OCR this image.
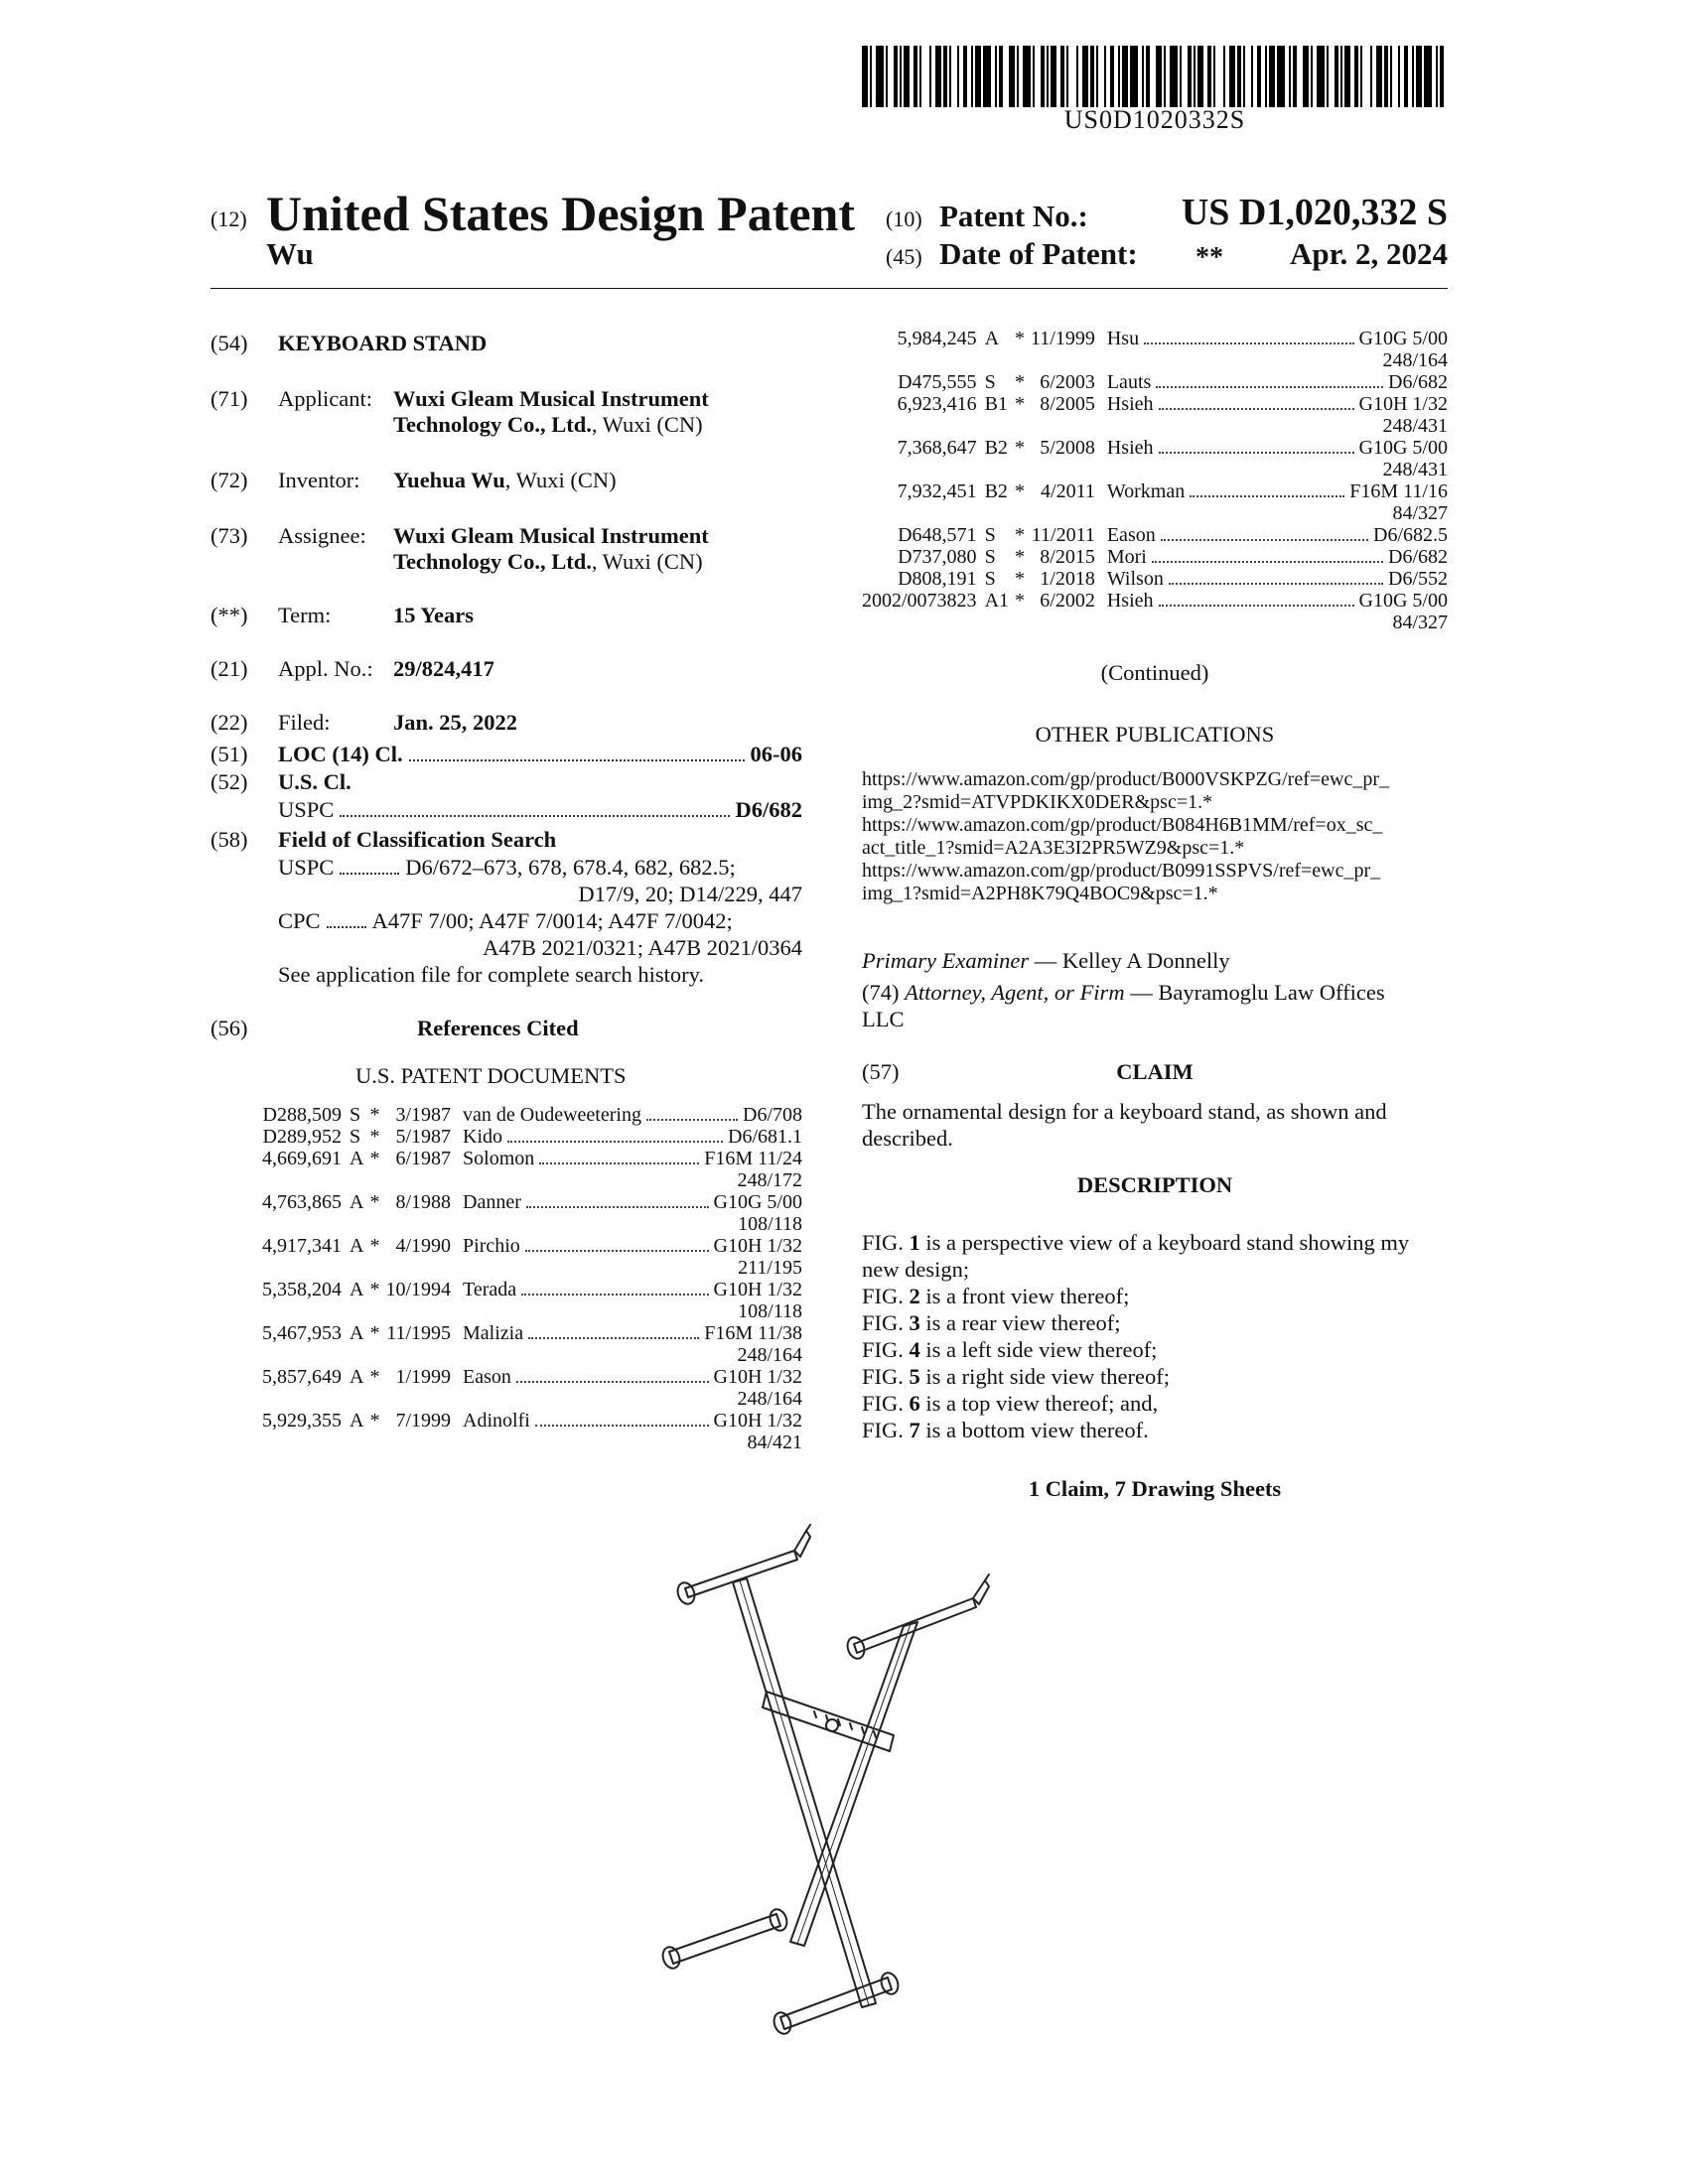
US0D1020332S
(12) United States Design Patent
Wu
(10) Patent No.:	US D1,020,332 S
(45) Date of Patent: **	Apr. 2, 2024
(54) KEYBOARD STAND
(71) Applicant: Wuxi Gleam Musical Instrument
Technology Co., Ltd., Wuxi (CN)
(72) Inventor: Yuehua Wu, Wuxi (CN)
(73) Assignee: Wuxi Gleam Musical Instrument
Technology Co., Ltd., Wuxi (CN)
(**) Term:	15 Years
(21) Appl. No.: 29/824,417
(22) Filed:	Jan. 25, 2022
(51) LOC (14) Cl.	06-06
(52) U.S. Cl.
USPC	D6/682
(58) Field of Classification Search
USPC	D6/672–673, 678, 678.4, 682, 682.5;
D17/9, 20; D14/229, 447
CPC A47F 7/00; A47F 7/0014; A47F 7/0042;
A47B 2021/0321; A47B 2021/0364
See application file for complete search history.
(56)	References Cited
U.S. PATENT DOCUMENTS
D288,509	S	*	3/1987	van de Oudeweetering D6/708

D289,952	S	*	5/1987	Kido D6/681.1

4,669,691	A	*	6/1987	Solomon F16M 11/24

248/172				
4,763,865	A	*	8/1988	Danner G10G 5/00

108/118				
4,917,341	A	*	4/1990	Pirchio G10H 1/32

211/195				
5,358,204	A	*	10/1994	Terada G10H 1/32

108/118				
5,467,953	A	*	11/1995	Malizia F16M 11/38

248/164				
5,857,649	A	*	1/1999	Eason G10H 1/32

248/164				
5,929,355	A	*	7/1999	Adinolfi G10H 1/32

84/421				
5,984,245	A	*	11/1999	Hsu G10G 5/00

248/164				
D475,555	S	*	6/2003	Lauts D6/682

6,923,416	B1	*	8/2005	Hsieh G10H 1/32

248/431				
7,368,647	B2	*	5/2008	Hsieh G10G 5/00

248/431				
7,932,451	B2	*	4/2011	Workman F16M 11/16

84/327				
D648,571	S	*	11/2011	Eason D6/682.5

D737,080	S	*	8/2015	Mori D6/682

D808,191	S	*	1/2018	Wilson D6/552

2002/0073823	A1	*	6/2002	Hsieh G10G 5/00

84/327				
(Continued)
OTHER PUBLICATIONS
https://www.amazon.com/gp/product/B000VSKPZG/ref=ewc_pr_
img_2?smid=ATVPDKIKX0DER&psc=1.*
https://www.amazon.com/gp/product/B084H6B1MM/ref=ox_sc_
act_title_1?smid=A2A3E3I2PR5WZ9&psc=1.*
https://www.amazon.com/gp/product/B0991SSPVS/ref=ewc_pr_
img_1?smid=A2PH8K79Q4BOC9&psc=1.*
Primary Examiner — Kelley A Donnelly
(74) Attorney, Agent, or Firm — Bayramoglu Law Offices
LLC
(57)	CLAIM
The ornamental design for a keyboard stand, as shown and
described.
DESCRIPTION
FIG. 1 is a perspective view of a keyboard stand showing my
new design;
FIG. 2 is a front view thereof;
FIG. 3 is a rear view thereof;
FIG. 4 is a left side view thereof;
FIG. 5 is a right side view thereof;
FIG. 6 is a top view thereof; and,
FIG. 7 is a bottom view thereof.
1 Claim, 7 Drawing Sheets
